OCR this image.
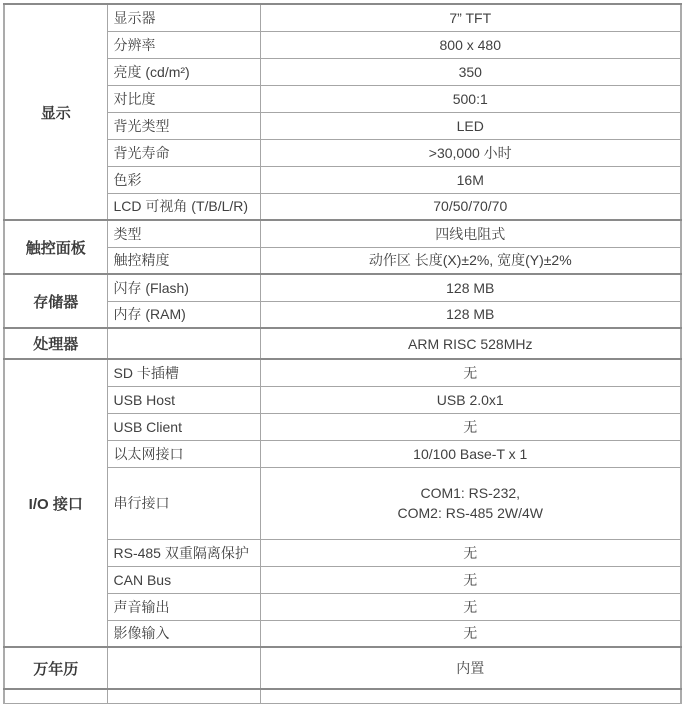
显示	显示器	7” TFT
	分辨率	800 x 480
	亮度 (cd/m²)	350
	对比度	500:1
	背光类型	LED
	背光寿命	>30,000 小时
	色彩	16M
	LCD 可视角 (T/B/L/R)	70/50/70/70
触控面板	类型	四线电阻式
	触控精度	动作区 长度(X)±2%, 宽度(Y)±2%
存储器	闪存 (Flash)	128 MB
	内存 (RAM)	128 MB
处理器		ARM RISC 528MHz
I/O 接口	SD 卡插槽	无
	USB Host	USB 2.0x1
	USB Client	无
	以太网接口	10/100 Base-T x 1
	串行接口	COM1: RS-232,
COM2: RS-485 2W/4W

	RS-485 双重隔离保护	无
	CAN Bus	无
	声音输出	无
	影像输入	无
万年历		内置
